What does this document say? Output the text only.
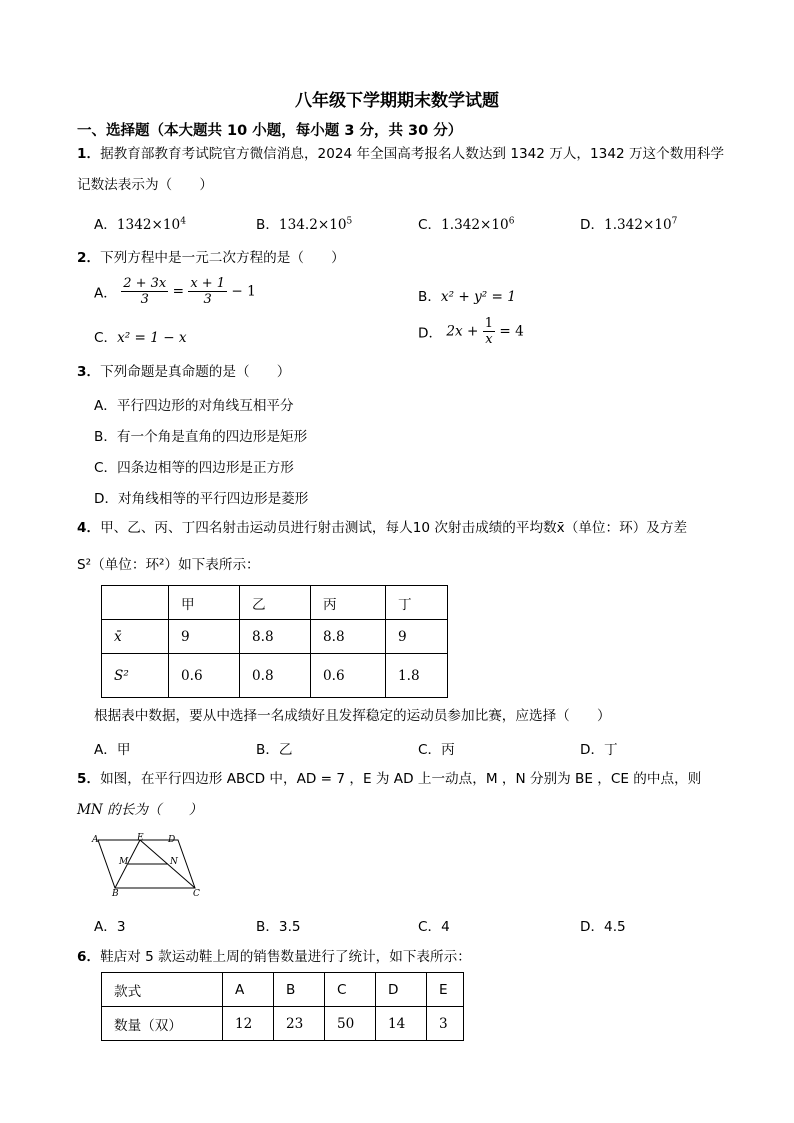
八年级下学期期末数学试题
一、选择题（本大题共 10 小题，每小题 3 分，共 30 分）
1．据教育部教育考试院官方微信消息，2024 年全国高考报名人数达到 1342 万人，1342 万这个数用科学
记数法表示为（　　）
A．$1342\times 10^4$	B．$134.2\times 10^5$	C．$1.342\times 10^6$	D．$1.342\times 10^7$
2．下列方程中是一元二次方程的是（　　）
A． $\frac{2 + 3x}{3} = \frac{x + 1}{3} - 1$	B．x² + y² = 1
C．x² = 1 − x	D． $2x + \frac{1}{x} = 4$
3．下列命题是真命题的是（　　）
A．平行四边形的对角线互相平分
B．有一个角是直角的四边形是矩形
C．四条边相等的四边形是正方形
D．对角线相等的平行四边形是菱形
4．甲、乙、丙、丁四名射击运动员进行射击测试，每人10 次射击成绩的平均数x̄（单位：环）及方差
S²（单位：环²）如下表所示：
	甲	乙	丙	丁
x̄	9	8.8	8.8	9
S²	0.6	0.8	0.6	1.8
根据表中数据，要从中选择一名成绩好且发挥稳定的运动员参加比赛，应选择（　　）
A．甲	B．乙	C．丙	D．丁
5．如图，在平行四边形 ABCD 中，AD = 7 ，E 为 AD 上一动点，M ，N 分别为 BE ，CE 的中点，则
MN 的长为（　　）
A	E	D
M	N
B	C
A．3	B．3.5	C．4	D．4.5
6．鞋店对 5 款运动鞋上周的销售数量进行了统计，如下表所示：
款式	A	B	C	D	E
数量（双）	12	23	50	14	3
